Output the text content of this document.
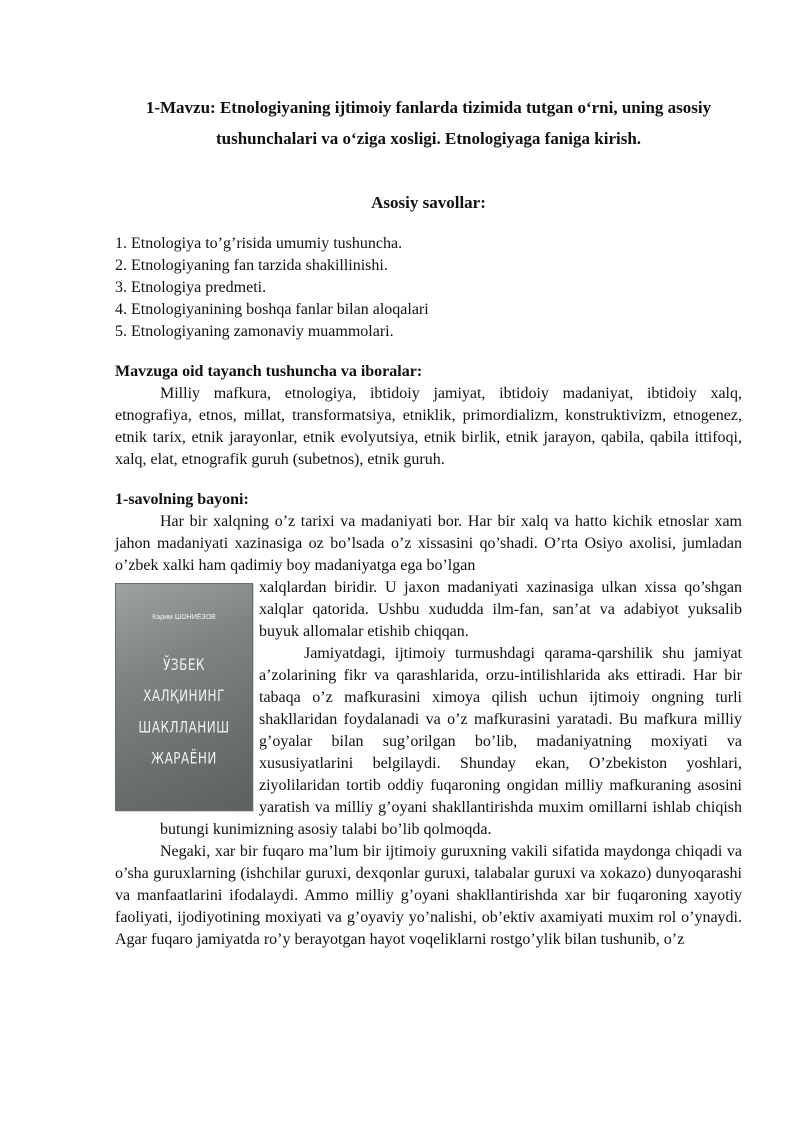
1-Mavzu: Etnologiyaning ijtimoiy fanlarda tizimida tutgan o‘rni, uning asosiy
tushunchalari va o‘ziga xosligi. Etnologiyaga faniga kirish.

Asosiy savollar:

1. Etnologiya to’g’risida umumiy tushuncha.
2. Etnologiyaning fan tarzida shakillinishi.
3. Etnologiya predmeti.
4. Etnologiyanining boshqa fanlar bilan aloqalari
5. Etnologiyaning zamonaviy muammolari.

Mavzuga oid tayanch tushuncha va iboralar:

Milliy mafkura, etnologiya, ibtidoiy jamiyat, ibtidoiy madaniyat, ibtidoiy xalq, etnografiya, etnos, millat, transformatsiya, etniklik, primordializm, konstruktivizm, etnogenez, etnik tarix, etnik jarayonlar, etnik evolyutsiya, etnik birlik, etnik jarayon, qabila, qabila ittifoqi, xalq, elat, etnografik guruh (subetnos), etnik guruh.

1-savolning bayoni:

Har bir xalqning o’z tarixi va madaniyati bor. Har bir xalq va hatto kichik etnoslar xam jahon madaniyati xazinasiga oz bo’lsada o’z xissasini qo’shadi. O’rta Osiyo axolisi, jumladan o’zbek xalki ham qadimiy boy madaniyatga ega bo’lgan

Карим ШОНИЁЗОВ
ЎЗБЕК
ХАЛҚИНИНГ
ШАКЛЛАНИШ
ЖАРАЁНИ

xalqlardan biridir. U jaxon madaniyati xazinasiga ulkan xissa qo’shgan xalqlar qatorida. Ushbu xududda ilm-fan, san’at va adabiyot yuksalib buyuk allomalar etishib chiqqan.

Jamiyatdagi, ijtimoiy turmushdagi qarama-qarshilik shu jamiyat a’zolarining fikr va qarashlarida, orzu-intilishlarida aks ettiradi. Har bir tabaqa o’z mafkurasini ximoya qilish uchun ijtimoiy ongning turli shakllaridan foydalanadi va o’z mafkurasini yaratadi. Bu mafkura milliy g’oyalar bilan sug’orilgan bo’lib, madaniyatning moxiyati va xususiyatlarini belgilaydi. Shunday ekan, O’zbekiston yoshlari, ziyolilaridan tortib oddiy fuqaroning ongidan milliy mafkuraning asosini yaratish va milliy g’oyani shakllantirishda muxim omillarni ishlab chiqish butungi kunimizning asosiy talabi bo’lib qolmoqda.

Negaki, xar bir fuqaro ma’lum bir ijtimoiy guruxning vakili sifatida maydonga chiqadi va o’sha guruxlarning (ishchilar guruxi, dexqonlar guruxi, talabalar guruxi va xokazo) dunyoqarashi va manfaatlarini ifodalaydi. Ammo milliy g’oyani shakllantirishda xar bir fuqaroning xayotiy faoliyati, ijodiyotining moxiyati va g’oyaviy yo’nalishi, ob’ektiv axamiyati muxim rol o’ynaydi. Agar fuqaro jamiyatda ro’y berayotgan hayot voqeliklarni rostgo’ylik bilan tushunib, o’z
